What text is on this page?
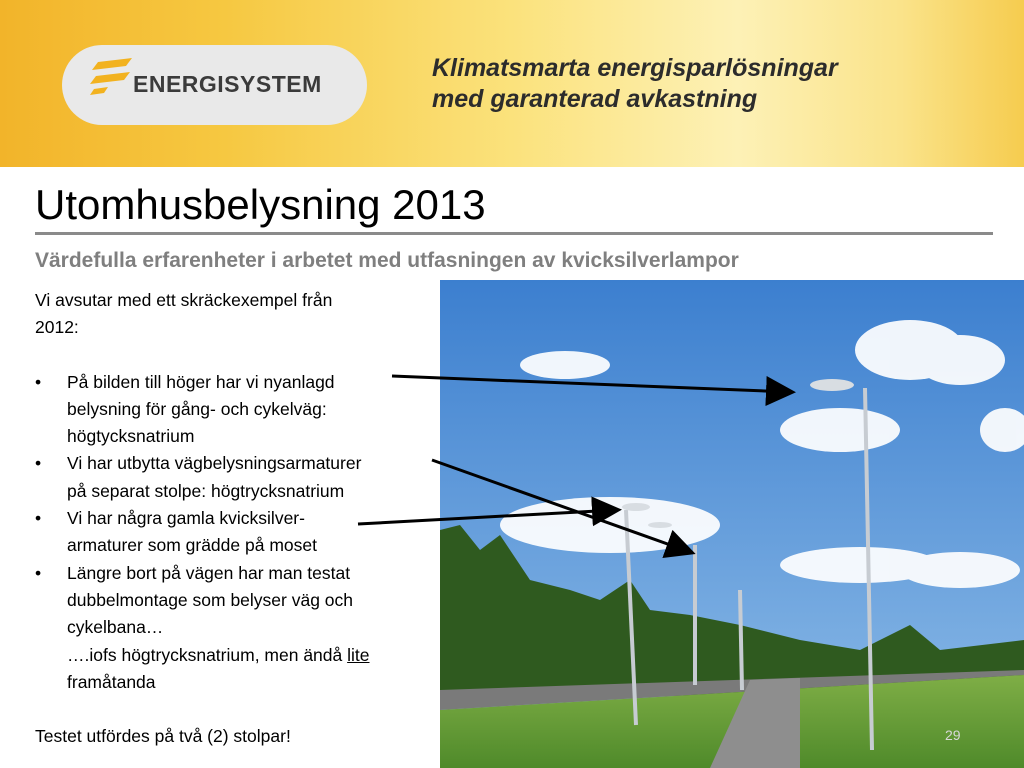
ENERGISYSTEM
Klimatsmarta energisparlösningar
med garanterad avkastning
Utomhusbelysning 2013
Värdefulla erfarenheter i arbetet med utfasningen av kvicksilverlampor

Vi avsutar med ett skräckexempel från

2012:

• På bilden till höger har vi nyanlagd
belysning för gång- och cykelväg:
högtycksnatrium
• Vi har utbytta vägbelysningsarmaturer
på separat stolpe: högtrycksnatrium
• Vi har några gamla kvicksilver-
armaturer som grädde på moset
• Längre bort på vägen har man testat
dubbelmontage som belyser väg och
cykelbana…
….iofs högtrycksnatrium, men ändå lite
framåtanda

Testet utfördes på två (2) stolpar!	29
